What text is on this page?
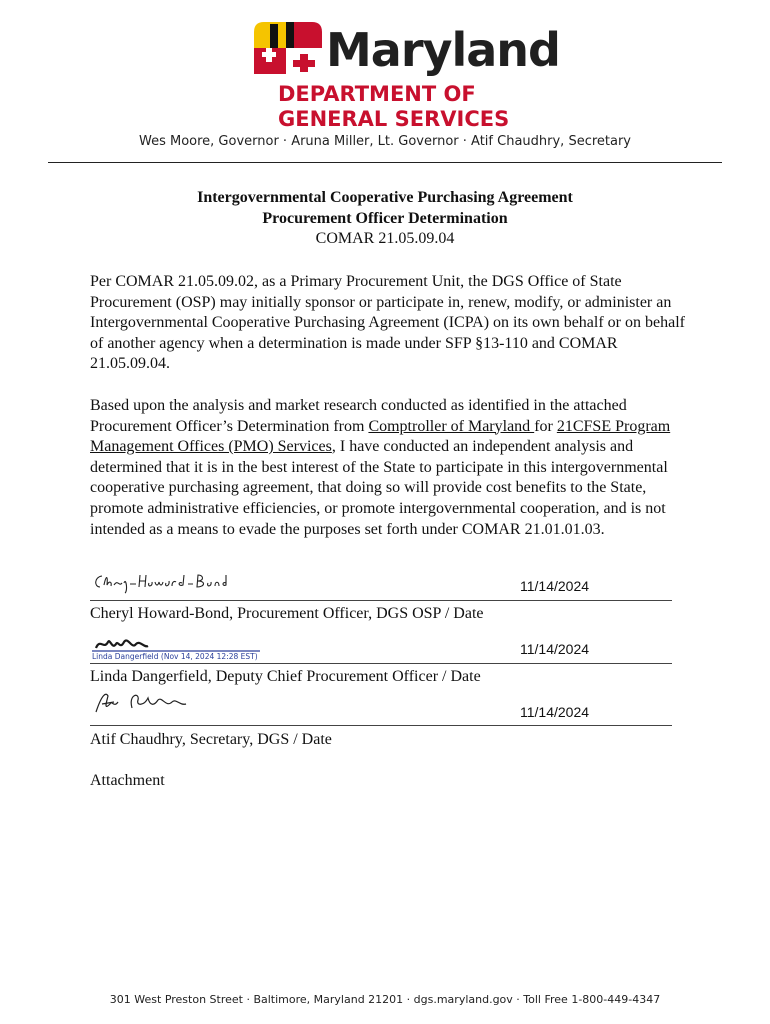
Maryland
DEPARTMENT OF
GENERAL SERVICES
Wes Moore, Governor · Aruna Miller, Lt. Governor · Atif Chaudhry, Secretary
Intergovernmental Cooperative Purchasing Agreement
Procurement Officer Determination
COMAR 21.05.09.04
Per COMAR 21.05.09.02, as a Primary Procurement Unit, the DGS Office of State Procurement (OSP) may initially sponsor or participate in, renew, modify, or administer an Intergovernmental Cooperative Purchasing Agreement (ICPA) on its own behalf or on behalf of another agency when a determination is made under SFP §13-110 and COMAR 21.05.09.04.
Based upon the analysis and market research conducted as identified in the attached Procurement Officer’s Determination from Comptroller of Maryland for 21CFSE Program Management Offices (PMO) Services, I have conducted an independent analysis and determined that it is in the best interest of the State to participate in this intergovernmental cooperative purchasing agreement, that doing so will provide cost benefits to the State, promote administrative efficiencies, or promote intergovernmental cooperation, and is not intended as a means to evade the purposes set forth under COMAR 21.01.01.03.
11/14/2024
Cheryl Howard-Bond, Procurement Officer, DGS OSP / Date
Linda Dangerfield (Nov 14, 2024 12:28 EST)	11/14/2024
Linda Dangerfield, Deputy Chief Procurement Officer / Date
11/14/2024
Atif Chaudhry, Secretary, DGS / Date
Attachment
301 West Preston Street · Baltimore, Maryland 21201 · dgs.maryland.gov · Toll Free 1-800-449-4347
